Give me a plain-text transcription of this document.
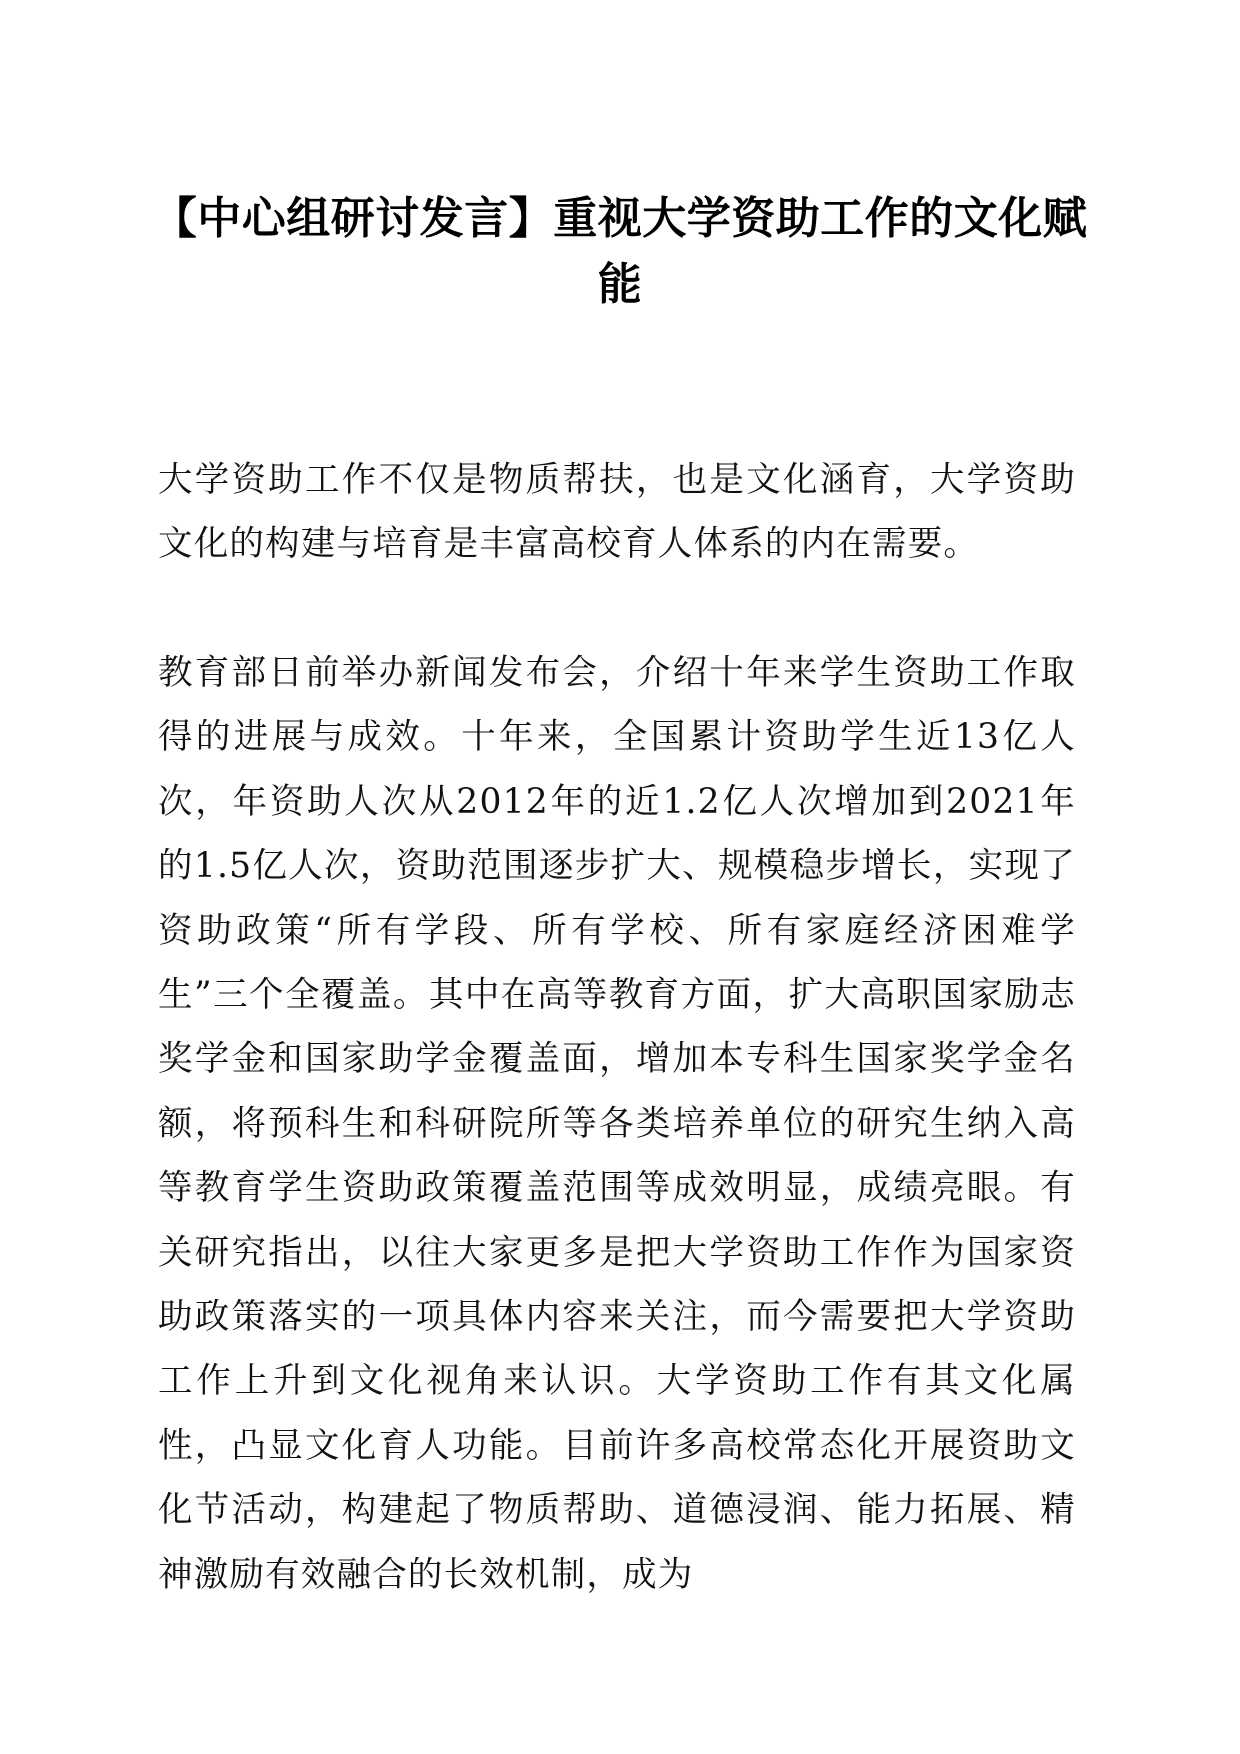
【中心组研讨发言】重视大学资助工作的文化赋能

大学资助工作不仅是物质帮扶，也是文化涵育，大学资助文化的构建与培育是丰富高校育人体系的内在需要。

教育部日前举办新闻发布会，介绍十年来学生资助工作取得的进展与成效。十年来，全国累计资助学生近13亿人次，年资助人次从2012年的近1.2亿人次增加到2021年的1.5亿人次，资助范围逐步扩大、规模稳步增长，实现了资助政策“所有学段、所有学校、所有家庭经济困难学生”三个全覆盖。其中在高等教育方面，扩大高职国家励志奖学金和国家助学金覆盖面，增加本专科生国家奖学金名额，将预科生和科研院所等各类培养单位的研究生纳入高等教育学生资助政策覆盖范围等成效明显，成绩亮眼。有关研究指出，以往大家更多是把大学资助工作作为国家资助政策落实的一项具体内容来关注，而今需要把大学资助工作上升到文化视角来认识。大学资助工作有其文化属性，凸显文化育人功能。目前许多高校常态化开展资助文化节活动，构建起了物质帮助、道德浸润、能力拓展、精神激励有效融合的长效机制，成为
